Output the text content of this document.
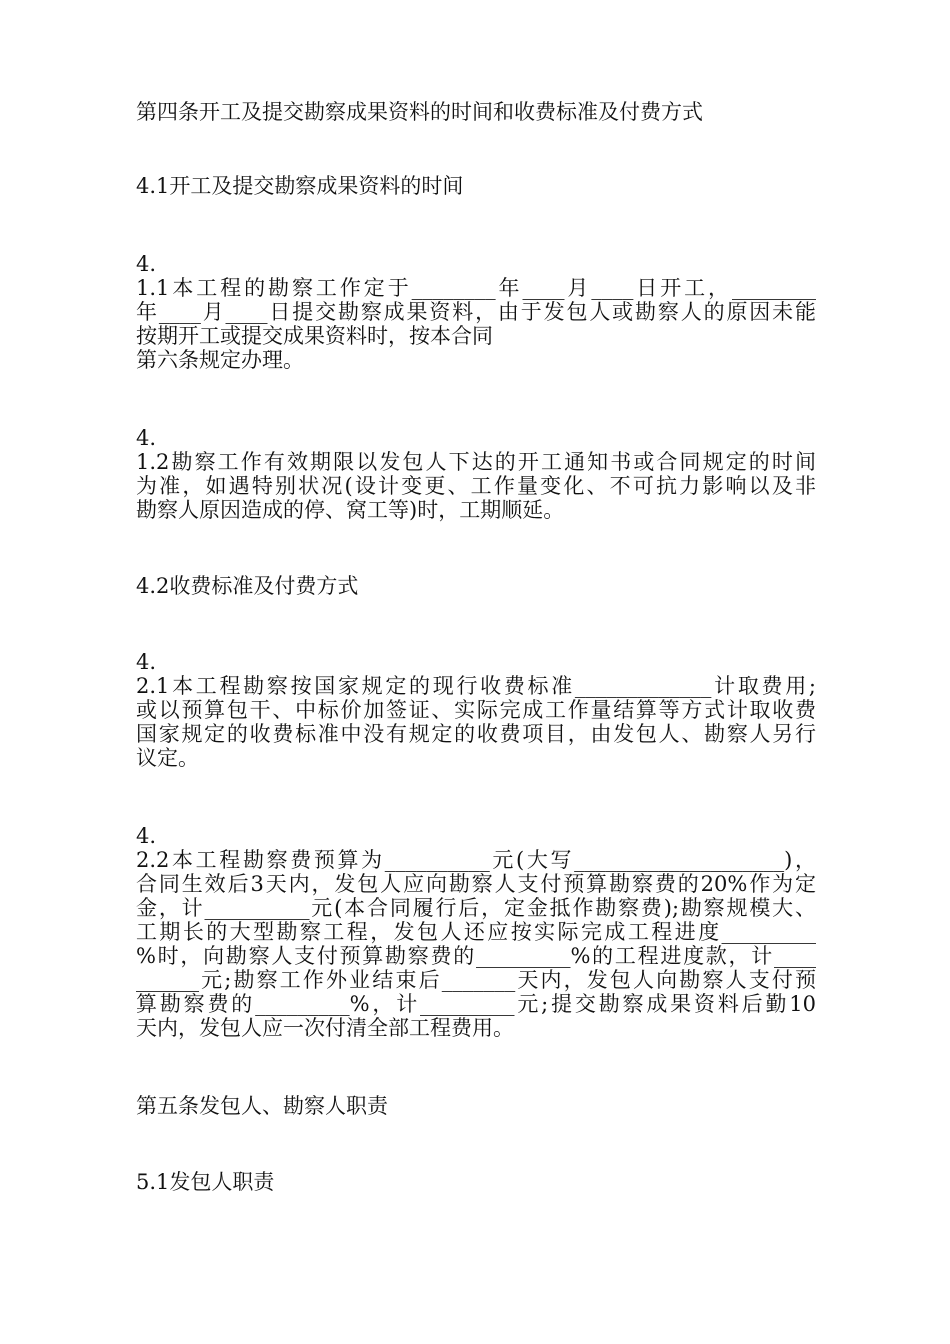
第四条开工及提交勘察成果资料的时间和收费标准及付费方式
4.1开工及提交勘察成果资料的时间
4.
1.1本工程的勘察工作定于________年____月____日开工，________
年____月____日提交勘察成果资料，由于发包人或勘察人的原因未能
按期开工或提交成果资料时，按本合同
第六条规定办理。
4.
1.2勘察工作有效期限以发包人下达的开工通知书或合同规定的时间
为准，如遇特别状况(设计变更、工作量变化、不可抗力影响以及非
勘察人原因造成的停、窝工等)时，工期顺延。
4.2收费标准及付费方式
4.
2.1本工程勘察按国家规定的现行收费标准_____________计取费用;
或以预算包干、中标价加签证、实际完成工作量结算等方式计取收费
国家规定的收费标准中没有规定的收费项目，由发包人、勘察人另行
议定。
4.
2.2本工程勘察费预算为__________元(大写____________________)，
合同生效后3天内，发包人应向勘察人支付预算勘察费的20%作为定
金，计__________元(本合同履行后，定金抵作勘察费);勘察规模大、
工期长的大型勘察工程，发包人还应按实际完成工程进度_________
%时，向勘察人支付预算勘察费的_________%的工程进度款，计____
______元;勘察工作外业结束后_______天内，发包人向勘察人支付预
算勘察费的_________%，计_________元;提交勘察成果资料后勤10
天内，发包人应一次付清全部工程费用。
第五条发包人、勘察人职责
5.1发包人职责
